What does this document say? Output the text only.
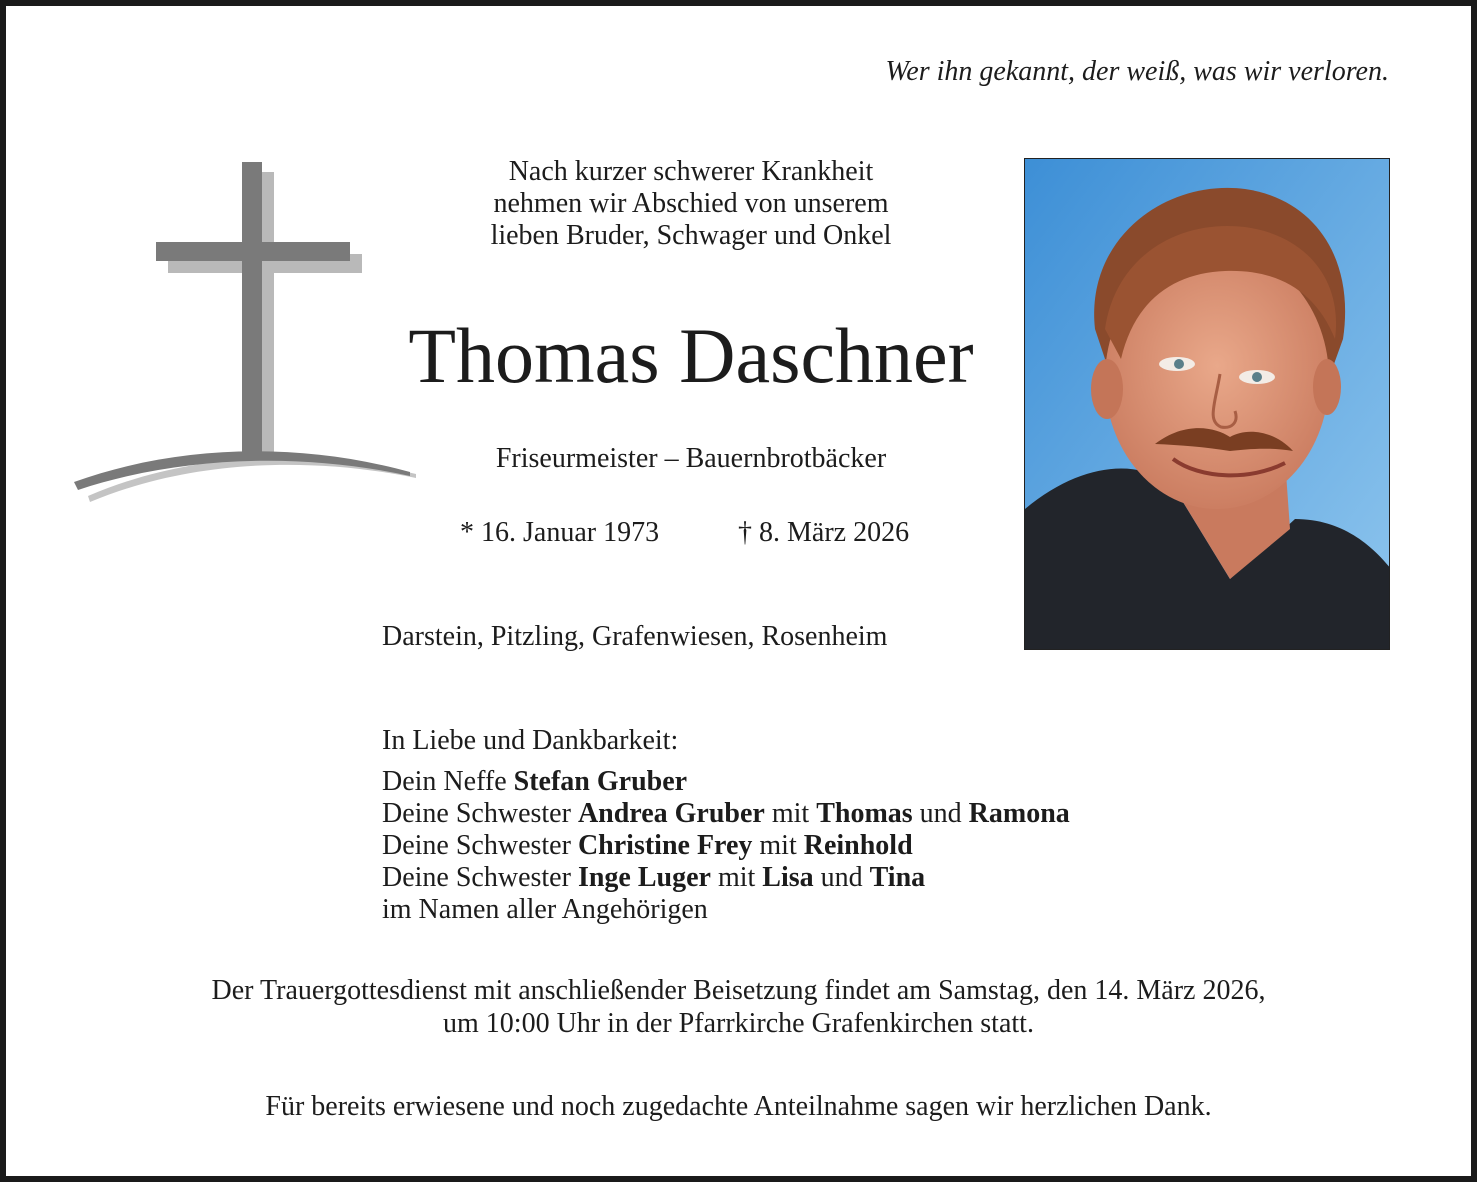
Wer ihn gekannt, der weiß, was wir verloren.
Nach kurzer schwerer Krankheit
nehmen wir Abschied von unserem
lieben Bruder, Schwager und Onkel
Thomas Daschner
Friseurmeister – Bauernbrotbäcker
* 16. Januar 1973	† 8. März 2026
Darstein, Pitzling, Grafenwiesen, Rosenheim
In Liebe und Dankbarkeit:
Dein Neffe Stefan Gruber
Deine Schwester Andrea Gruber mit Thomas und Ramona
Deine Schwester Christine Frey mit Reinhold
Deine Schwester Inge Luger mit Lisa und Tina
im Namen aller Angehörigen
Der Trauergottesdienst mit anschließender Beisetzung findet am Samstag, den 14. März 2026,
um 10:00 Uhr in der Pfarrkirche Grafenkirchen statt.
Für bereits erwiesene und noch zugedachte Anteilnahme sagen wir herzlichen Dank.
